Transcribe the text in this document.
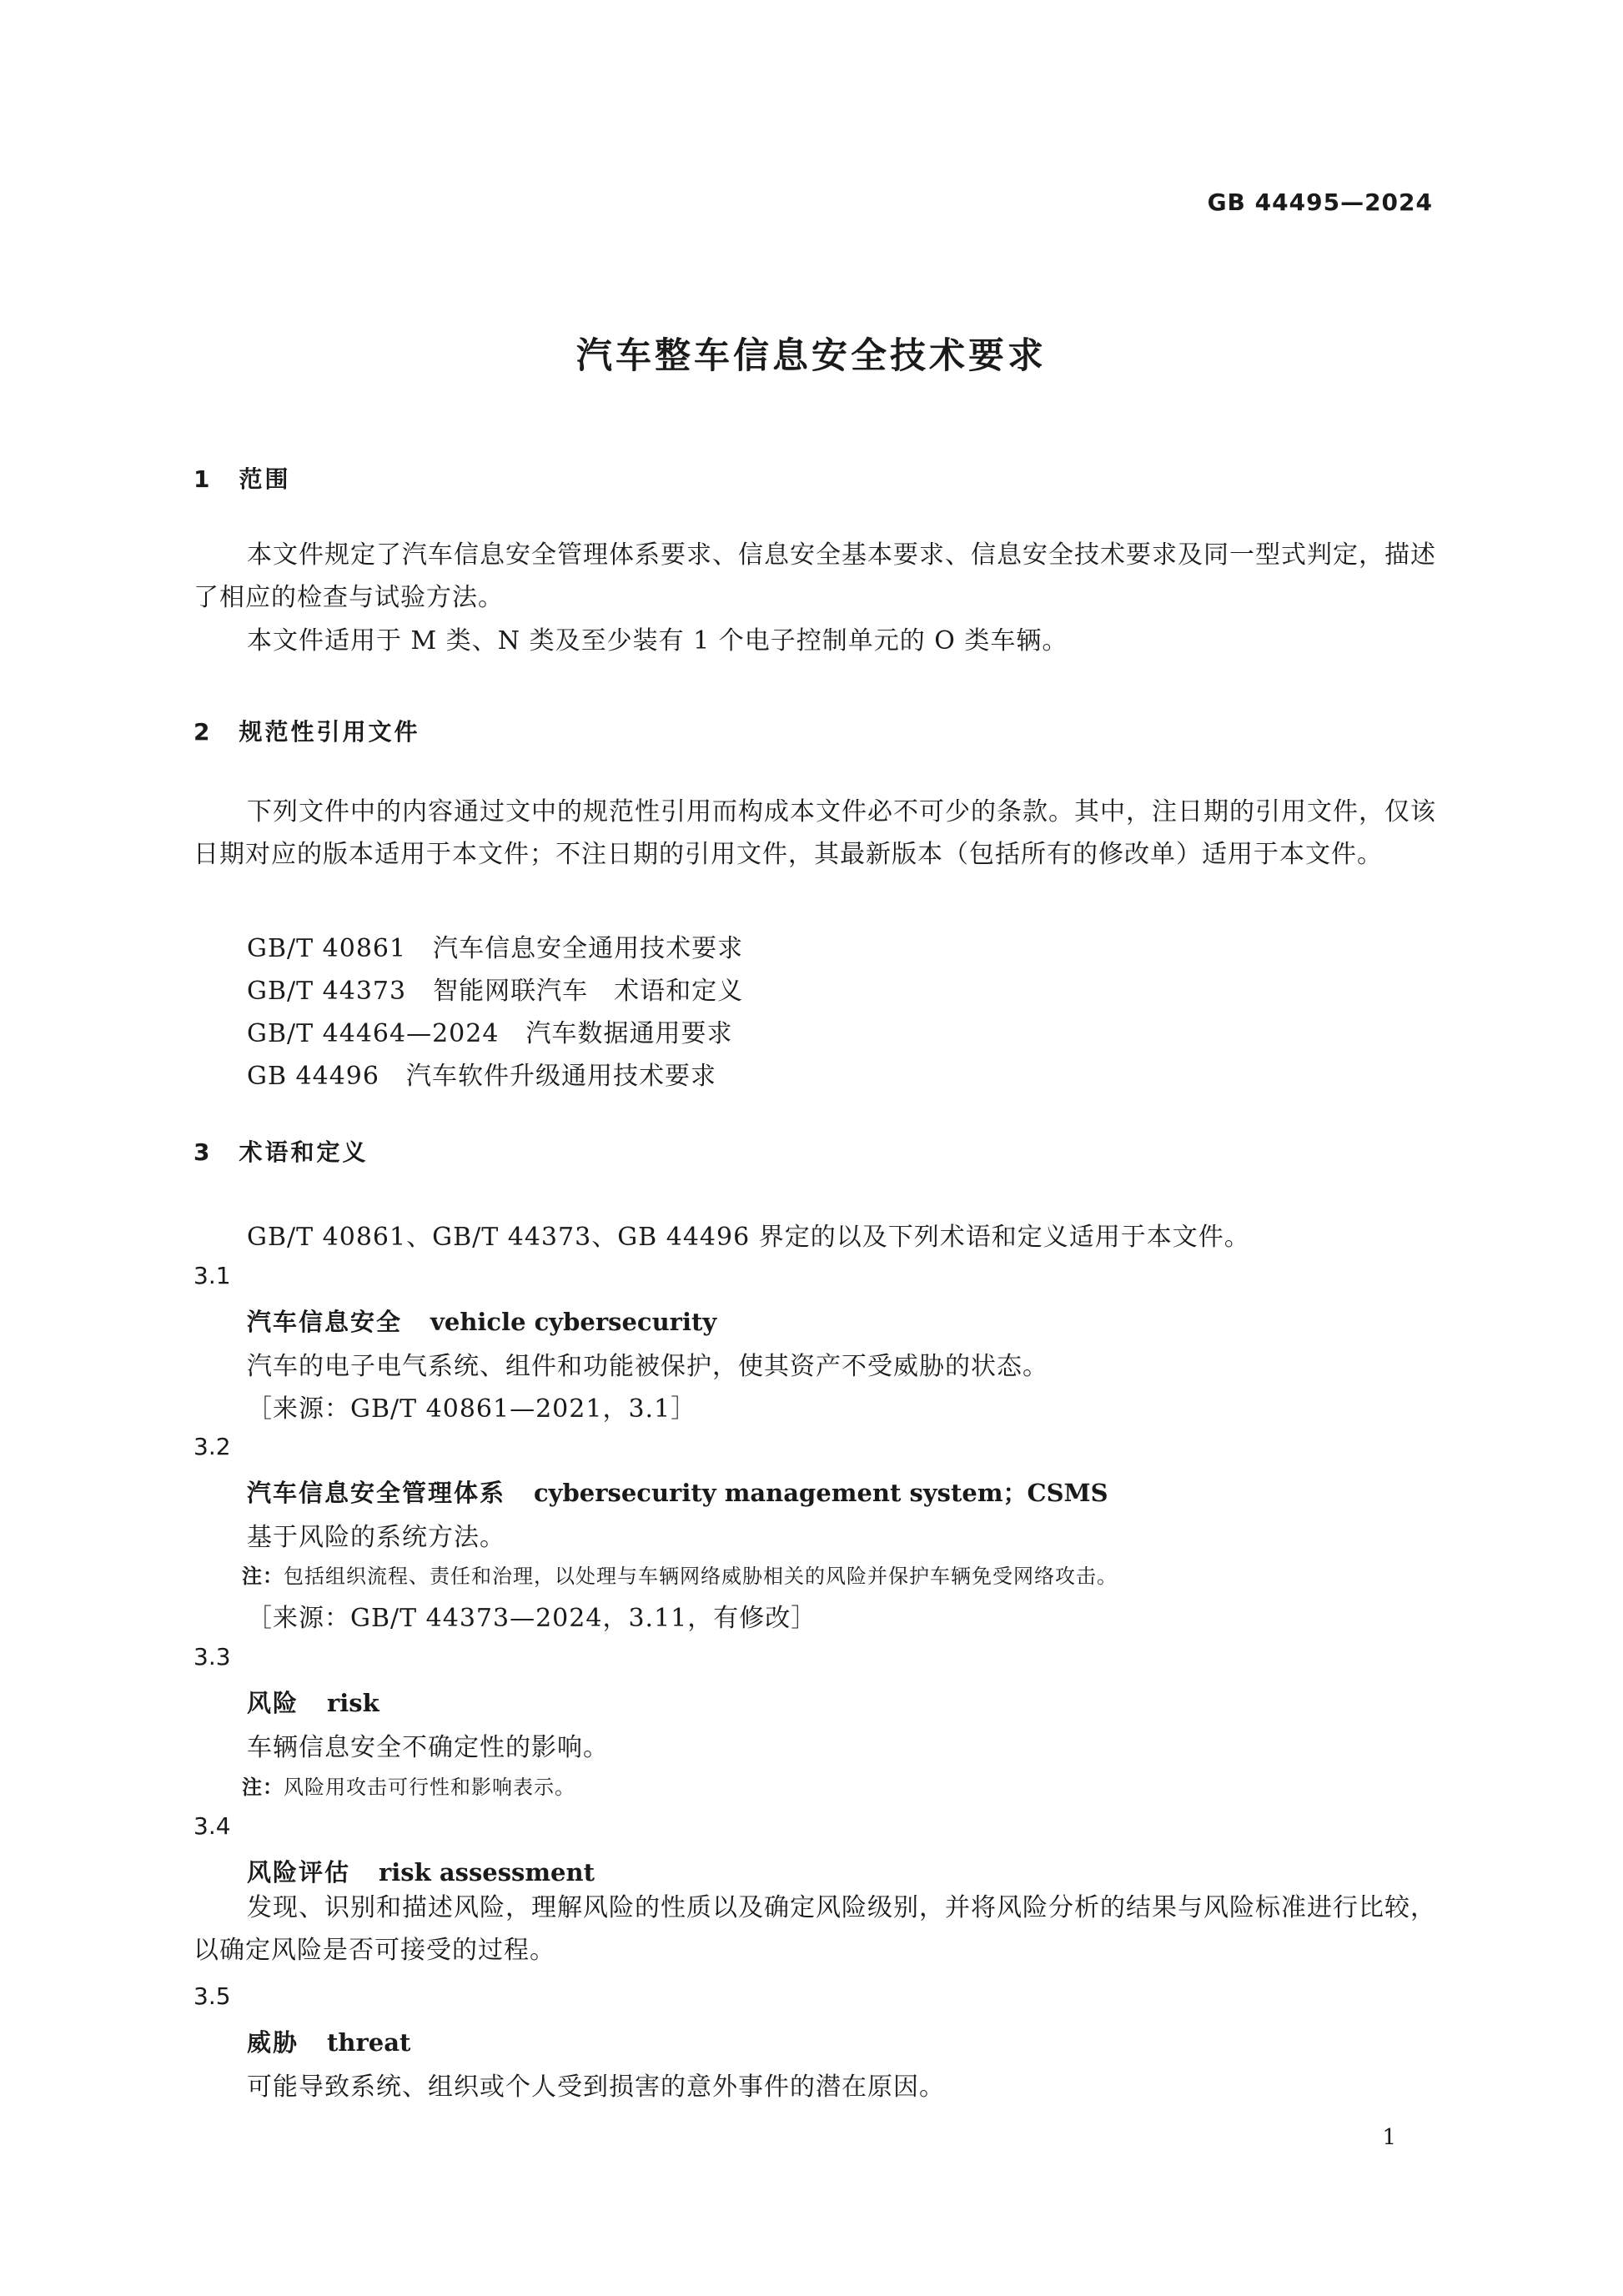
GB 44495—2024
汽车整车信息安全技术要求
1 范围

本文件规定了汽车信息安全管理体系要求、信息安全基本要求、信息安全技术要求及同一型式判定，描述了相应的检查与试验方法。

本文件适用于 M 类、N 类及至少装有 1 个电子控制单元的 O 类车辆。

2 规范性引用文件

下列文件中的内容通过文中的规范性引用而构成本文件必不可少的条款。其中，注日期的引用文件，仅该日期对应的版本适用于本文件；不注日期的引用文件，其最新版本（包括所有的修改单）适用于本文件。

GB/T 40861 汽车信息安全通用技术要求
GB/T 44373 智能网联汽车　术语和定义
GB/T 44464—2024 汽车数据通用要求
GB 44496 汽车软件升级通用技术要求
3 术语和定义
GB/T 40861、GB/T 44373、GB 44496 界定的以及下列术语和定义适用于本文件。
3.1
汽车信息安全 vehicle cybersecurity
汽车的电子电气系统、组件和功能被保护，使其资产不受威胁的状态。
［来源：GB/T 40861—2021，3.1］
3.2
汽车信息安全管理体系 cybersecurity management system；CSMS
基于风险的系统方法。
注：包括组织流程、责任和治理，以处理与车辆网络威胁相关的风险并保护车辆免受网络攻击。
［来源：GB/T 44373—2024，3.11，有修改］
3.3
风险 risk
车辆信息安全不确定性的影响。
注：风险用攻击可行性和影响表示。
3.4
风险评估 risk assessment

发现、识别和描述风险，理解风险的性质以及确定风险级别，并将风险分析的结果与风险标准进行比较，以确定风险是否可接受的过程。

3.5
威胁 threat
可能导致系统、组织或个人受到损害的意外事件的潜在原因。
1
